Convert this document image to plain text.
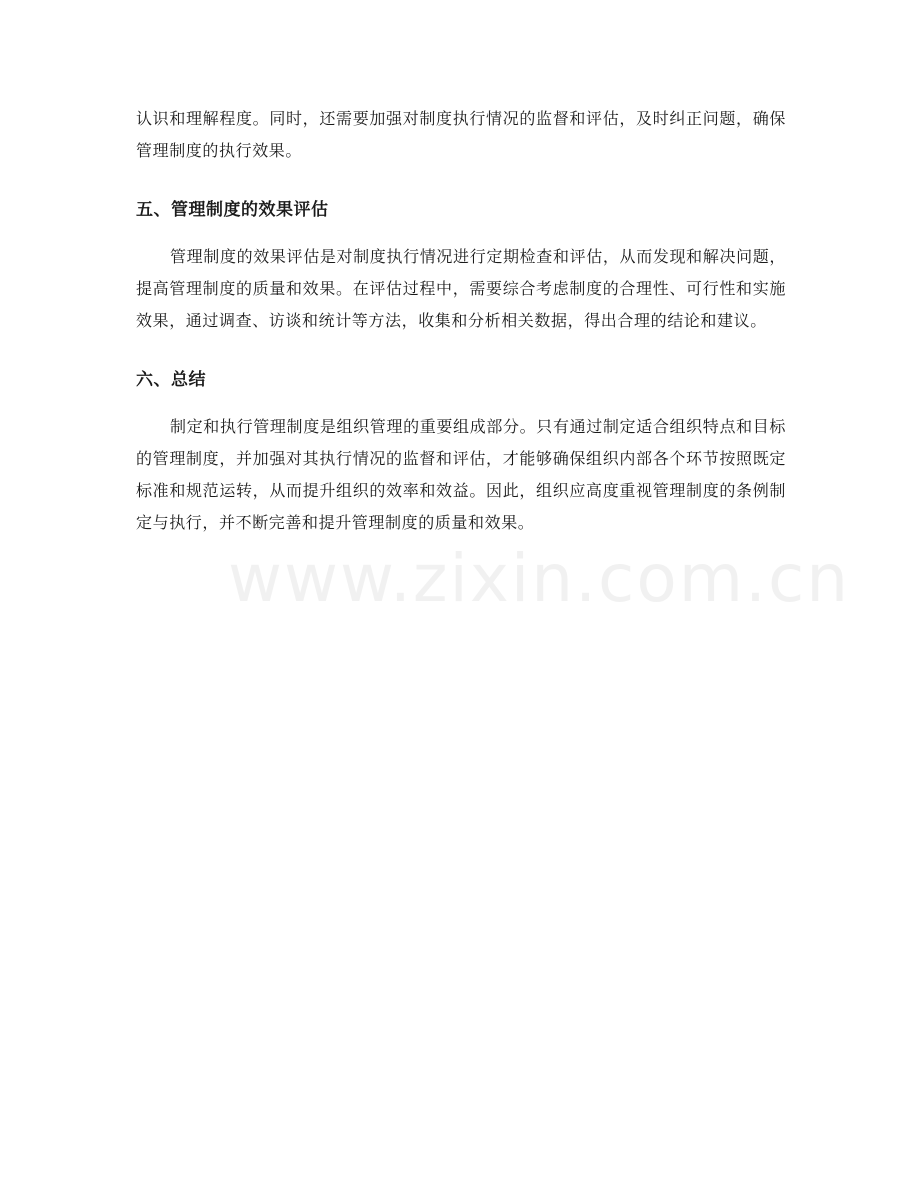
认识和理解程度。同时，还需要加强对制度执行情况的监督和评估，及时纠正问题，确保管理制度的执行效果。

五、管理制度的效果评估

管理制度的效果评估是对制度执行情况进行定期检查和评估，从而发现和解决问题，提高管理制度的质量和效果。在评估过程中，需要综合考虑制度的合理性、可行性和实施效果，通过调查、访谈和统计等方法，收集和分析相关数据，得出合理的结论和建议。

六、总结

制定和执行管理制度是组织管理的重要组成部分。只有通过制定适合组织特点和目标的管理制度，并加强对其执行情况的监督和评估，才能够确保组织内部各个环节按照既定标准和规范运转，从而提升组织的效率和效益。因此，组织应高度重视管理制度的条例制定与执行，并不断完善和提升管理制度的质量和效果。

www.zixin.com.cn
